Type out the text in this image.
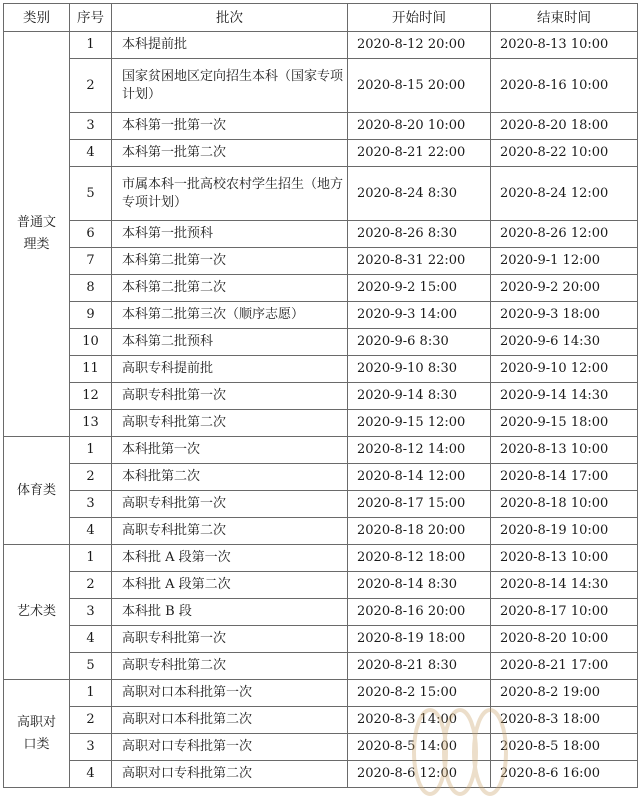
类别	序号	批次	开始时间	结束时间
普通文理类	1	本科提前批	2020-8-12 20:00	2020-8-13 10:00
	2	国家贫困地区定向招生本科（国家专项计划）	2020-8-15 20:00	2020-8-16 10:00
	3	本科第一批第一次	2020-8-20 10:00	2020-8-20 18:00
	4	本科第一批第二次	2020-8-21 22:00	2020-8-22 10:00
	5	市属本科一批高校农村学生招生（地方专项计划）	2020-8-24 8:30	2020-8-24 12:00
	6	本科第一批预科	2020-8-26 8:30	2020-8-26 12:00
	7	本科第二批第一次	2020-8-31 22:00	2020-9-1 12:00
	8	本科第二批第二次	2020-9-2 15:00	2020-9-2 20:00
	9	本科第二批第三次（顺序志愿）	2020-9-3 14:00	2020-9-3 18:00
	10	本科第二批预科	2020-9-6 8:30	2020-9-6 14:30
	11	高职专科提前批	2020-9-10 8:30	2020-9-10 12:00
	12	高职专科批第一次	2020-9-14 8:30	2020-9-14 14:30
	13	高职专科批第二次	2020-9-15 12:00	2020-9-15 18:00
体育类	1	本科批第一次	2020-8-12 14:00	2020-8-13 10:00
	2	本科批第二次	2020-8-14 12:00	2020-8-14 17:00
	3	高职专科批第一次	2020-8-17 15:00	2020-8-18 10:00
	4	高职专科批第二次	2020-8-18 20:00	2020-8-19 10:00
艺术类	1	本科批 A 段第一次	2020-8-12 18:00	2020-8-13 10:00
	2	本科批 A 段第二次	2020-8-14 8:30	2020-8-14 14:30
	3	本科批 B 段	2020-8-16 20:00	2020-8-17 10:00
	4	高职专科批第一次	2020-8-19 18:00	2020-8-20 10:00
	5	高职专科批第二次	2020-8-21 8:30	2020-8-21 17:00
高职对口类	1	高职对口本科批第一次	2020-8-2 15:00	2020-8-2 19:00
	2	高职对口本科批第二次	2020-8-3 14:00	2020-8-3 18:00
	3	高职对口专科批第一次	2020-8-5 14:00	2020-8-5 18:00
	4	高职对口专科批第二次	2020-8-6 12:00	2020-8-6 16:00
